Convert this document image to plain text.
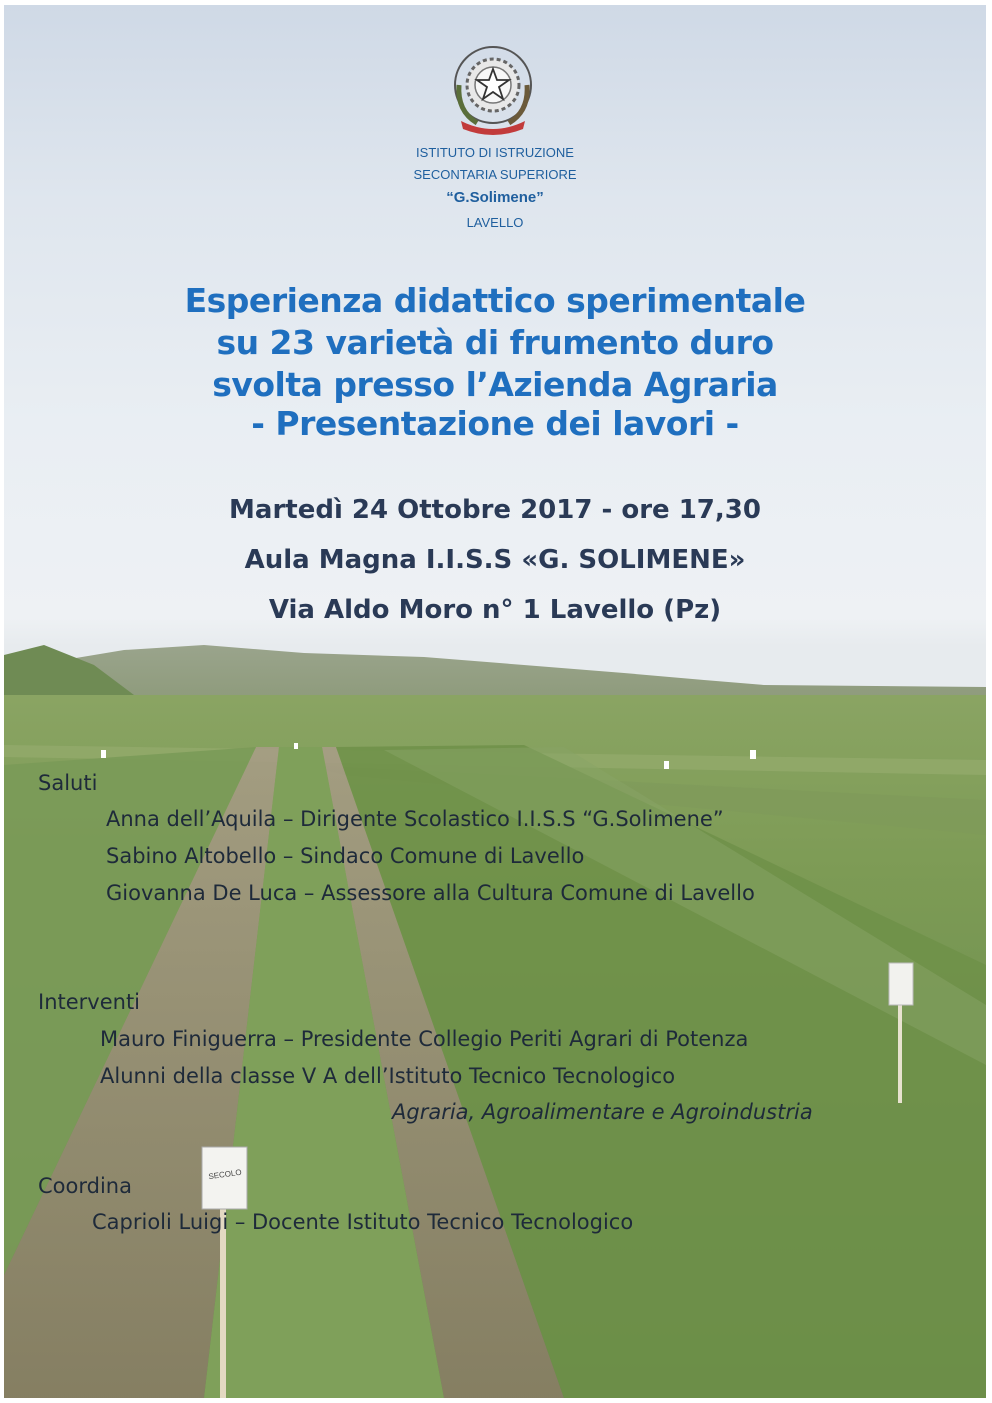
SECOLO
ISTITUTO DI ISTRUZIONE
SECONTARIA SUPERIORE
“G.Solimene”
LAVELLO
Esperienza didattico sperimentale
su 23 varietà di frumento duro
svolta presso l’Azienda Agraria
- Presentazione dei lavori -
Martedì 24 Ottobre 2017 - ore 17,30
Aula Magna I.I.S.S «G. SOLIMENE»
Via Aldo Moro n° 1 Lavello (Pz)
Saluti
Anna dell’Aquila – Dirigente Scolastico I.I.S.S “G.Solimene”
Sabino Altobello – Sindaco Comune di Lavello
Giovanna De Luca – Assessore alla Cultura Comune di Lavello
Interventi
Mauro Finiguerra – Presidente Collegio Periti Agrari di Potenza
Alunni della classe V A dell’Istituto Tecnico Tecnologico
Agraria, Agroalimentare e Agroindustria
Coordina
Caprioli Luigi – Docente Istituto Tecnico Tecnologico
